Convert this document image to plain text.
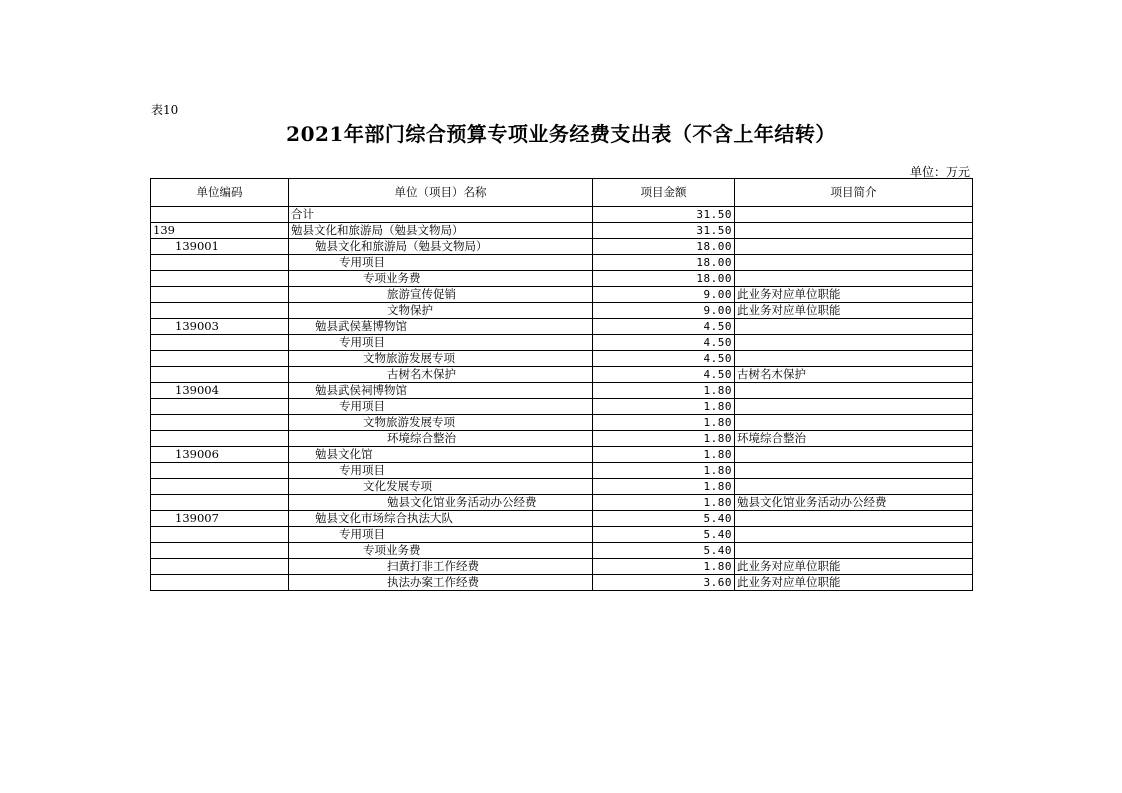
表10
2021年部门综合预算专项业务经费支出表（不含上年结转）
单位：万元
单位编码	单位（项目）名称	项目金额	项目简介
	合计	31.50	
139	勉县文化和旅游局（勉县文物局）	31.50	
139001	勉县文化和旅游局（勉县文物局）	18.00	
	专用项目	18.00	
	专项业务费	18.00	
	旅游宣传促销	9.00	此业务对应单位职能
	文物保护	9.00	此业务对应单位职能
139003	勉县武侯墓博物馆	4.50	
	专用项目	4.50	
	文物旅游发展专项	4.50	
	古树名木保护	4.50	古树名木保护
139004	勉县武侯祠博物馆	1.80	
	专用项目	1.80	
	文物旅游发展专项	1.80	
	环境综合整治	1.80	环境综合整治
139006	勉县文化馆	1.80	
	专用项目	1.80	
	文化发展专项	1.80	
	勉县文化馆业务活动办公经费	1.80	勉县文化馆业务活动办公经费
139007	勉县文化市场综合执法大队	5.40	
	专用项目	5.40	
	专项业务费	5.40	
	扫黄打非工作经费	1.80	此业务对应单位职能
	执法办案工作经费	3.60	此业务对应单位职能
